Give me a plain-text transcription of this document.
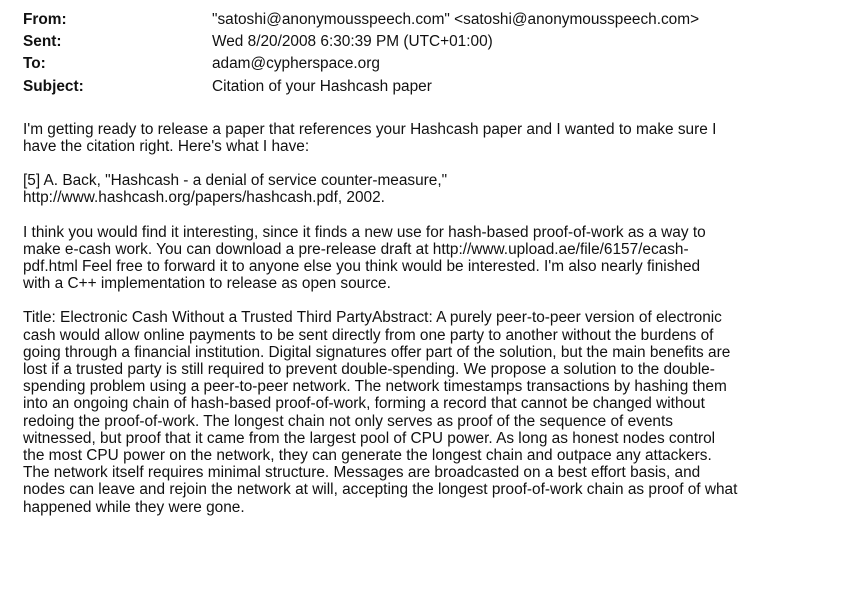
From:	"satoshi@anonymousspeech.com" <satoshi@anonymousspeech.com>
Sent:	Wed 8/20/2008 6:30:39 PM (UTC+01:00)
To:	adam@cypherspace.org
Subject:	Citation of your Hashcash paper

I'm getting ready to release a paper that references your Hashcash paper and I wanted to make sure I
have the citation right. Here's what I have:

[5] A. Back, "Hashcash - a denial of service counter-measure,"
http://www.hashcash.org/papers/hashcash.pdf, 2002.

I think you would find it interesting, since it finds a new use for hash-based proof-of-work as a way to
make e-cash work. You can download a pre-release draft at http://www.upload.ae/file/6157/ecash-
pdf.html Feel free to forward it to anyone else you think would be interested. I'm also nearly finished
with a C++ implementation to release as open source.

Title: Electronic Cash Without a Trusted Third PartyAbstract: A purely peer-to-peer version of electronic
cash would allow online payments to be sent directly from one party to another without the burdens of
going through a financial institution. Digital signatures offer part of the solution, but the main benefits are
lost if a trusted party is still required to prevent double-spending. We propose a solution to the double-
spending problem using a peer-to-peer network. The network timestamps transactions by hashing them
into an ongoing chain of hash-based proof-of-work, forming a record that cannot be changed without
redoing the proof-of-work. The longest chain not only serves as proof of the sequence of events
witnessed, but proof that it came from the largest pool of CPU power. As long as honest nodes control
the most CPU power on the network, they can generate the longest chain and outpace any attackers.
The network itself requires minimal structure. Messages are broadcasted on a best effort basis, and
nodes can leave and rejoin the network at will, accepting the longest proof-of-work chain as proof of what
happened while they were gone.
